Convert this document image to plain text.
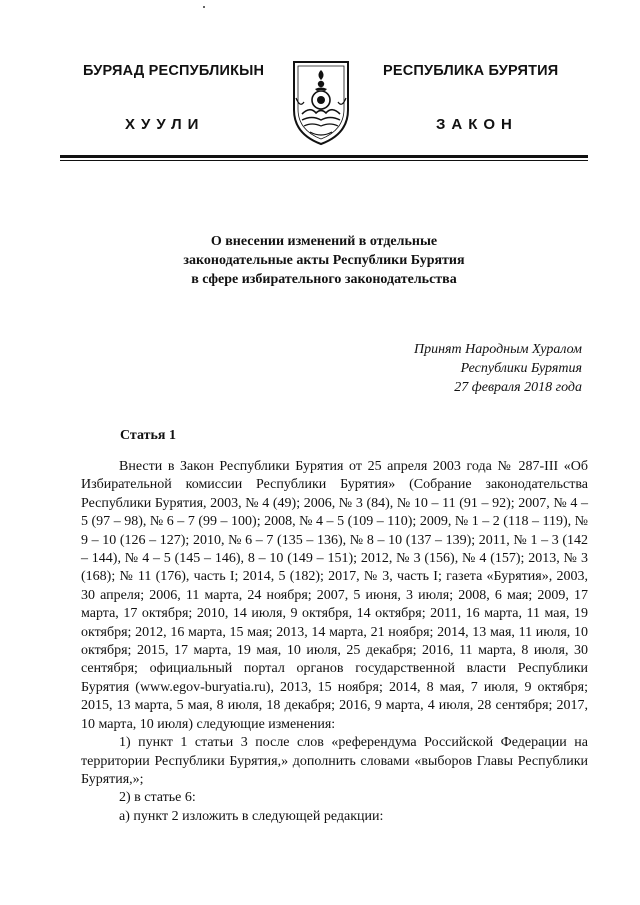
БУРЯАД РЕСПУБЛИКЫН	РЕСПУБЛИКА БУРЯТИЯ
ХУУЛИ	ЗАКОН
О внесении изменений в отдельные
законодательные акты Республики Бурятия
в сфере избирательного законодательства
Принят Народным Хуралом
Республики Бурятия
27 февраля 2018 года
Статья 1

Внести в Закон Республики Бурятия от 25 апреля 2003 года № 287-III «Об Избирательной комиссии Республики Бурятия» (Собрание законодательства Республики Бурятия, 2003, № 4 (49); 2006, № 3 (84), № 10 – 11 (91 – 92); 2007, № 4 – 5 (97 – 98), № 6 – 7 (99 – 100); 2008, № 4 – 5 (109 – 110); 2009, № 1 – 2 (118 – 119), № 9 – 10 (126 – 127); 2010, № 6 – 7 (135 – 136), № 8 – 10 (137 – 139); 2011, № 1 – 3 (142 – 144), № 4 – 5 (145 – 146), 8 – 10 (149 – 151); 2012, № 3 (156), № 4 (157); 2013, № 3 (168); № 11 (176), часть I; 2014, 5 (182); 2017, № 3, часть I; газета «Бурятия», 2003, 30 апреля; 2006, 11 марта, 24 ноября; 2007, 5 июня, 3 июля; 2008, 6 мая; 2009, 17 марта, 17 октября; 2010, 14 июля, 9 октября, 14 октября; 2011, 16 марта, 11 мая, 19 октября; 2012, 16 марта, 15 мая; 2013, 14 марта, 21 ноября; 2014, 13 мая, 11 июля, 10 октября; 2015, 17 марта, 19 мая, 10 июля, 25 декабря; 2016, 11 марта, 8 июля, 30 сентября; официальный портал органов государственной власти Республики Бурятия (www.egov-buryatia.ru), 2013, 15 ноября; 2014, 8 мая, 7 июля, 9 октября; 2015, 13 марта, 5 мая, 8 июля, 18 декабря; 2016, 9 марта, 4 июля, 28 сентября; 2017, 10 марта, 10 июля) следующие изменения:

1) пункт 1 статьи 3 после слов «референдума Российской Федерации на территории Республики Бурятия,» дополнить словами «выборов Главы Республики Бурятия,»;

2) в статье 6:

а) пункт 2 изложить в следующей редакции:
